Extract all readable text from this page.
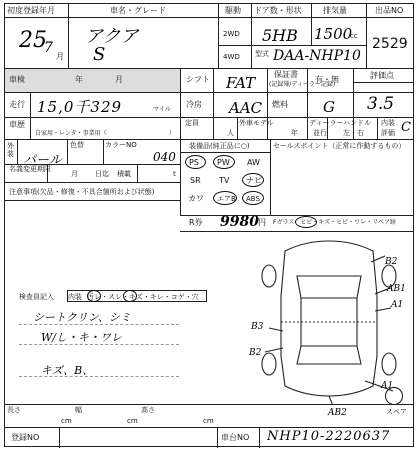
初度登録年月
25
7
月
車名・グレード
アクア
S
駆動
2WD
4WD
ドア数・形状
5HB
排気量
1500
cc
型式 DAA-NHP10
出品NO
2529
車検	年	月	シフト FAT 保証書
(記録簿/ディーラー記録)
有・無	評価点
3.5
走行 15,0千329	マイル
冷房 AAC 燃料 G
車歴
自家用・レンタ・事業用（	）
定員
人
外車モデル
年
ディーラー
並行
ハンドル
左・右
内装
評価 C
外装 パール
色替	カラーNO
040
名義変更期限
月 日迄 積載	t
注意事項(欠品・修復・不具合箇所および状態)
装備品(純正品に○)
PS PW AW
SR TV ナビ
カワ エアB ABS
R券 9980 円
セールスポイント（正常に作動するもの）
Fガラス　ヒビ・キズ・ヒビ・ワレ・リペア跡
検査員記入 内装 汚レ・スレ・キズ・キレ・コゲ・穴
シートクリン、シミ
W/し・キ・ワレ
キズ、B、
B2
A1
AB1
B3
B2
A1
AB2	スペア
長さ
cm
幅
cm
高さ
cm
登録NO	車台NO NHP10-2220637
